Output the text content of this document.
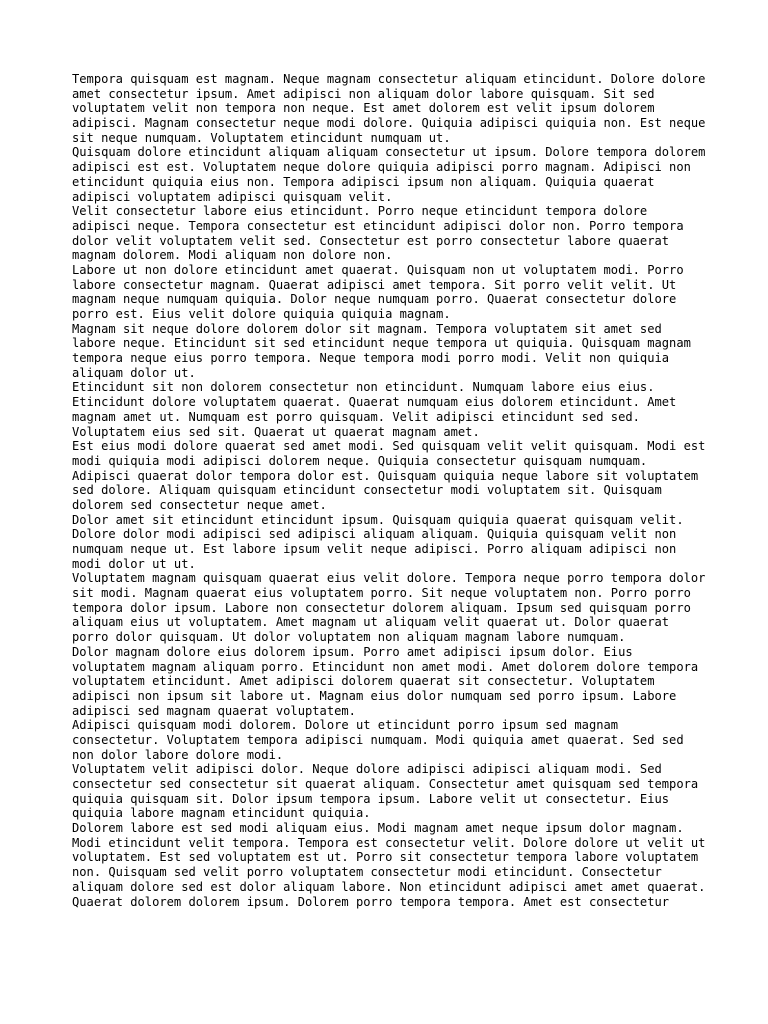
Tempora quisquam est magnam. Neque magnam consectetur aliquam etincidunt. Dolore dolore amet consectetur ipsum. Amet adipisci non aliquam dolor labore quisquam. Sit sed voluptatem velit non tempora non neque. Est amet dolorem est velit ipsum dolorem adipisci. Magnam consectetur neque modi dolore. Quiquia adipisci quiquia non. Est neque sit neque numquam. Voluptatem etincidunt numquam ut.

Quisquam dolore etincidunt aliquam aliquam consectetur ut ipsum. Dolore tempora dolorem adipisci est est. Voluptatem neque dolore quiquia adipisci porro magnam. Adipisci non etincidunt quiquia eius non. Tempora adipisci ipsum non aliquam. Quiquia quaerat adipisci voluptatem adipisci quisquam velit.

Velit consectetur labore eius etincidunt. Porro neque etincidunt tempora dolore adipisci neque. Tempora consectetur est etincidunt adipisci dolor non. Porro tempora dolor velit voluptatem velit sed. Consectetur est porro consectetur labore quaerat magnam dolorem. Modi aliquam non dolore non.

Labore ut non dolore etincidunt amet quaerat. Quisquam non ut voluptatem modi. Porro labore consectetur magnam. Quaerat adipisci amet tempora. Sit porro velit velit. Ut magnam neque numquam quiquia. Dolor neque numquam porro. Quaerat consectetur dolore porro est. Eius velit dolore quiquia quiquia magnam.

Magnam sit neque dolore dolorem dolor sit magnam. Tempora voluptatem sit amet sed labore neque. Etincidunt sit sed etincidunt neque tempora ut quiquia. Quisquam magnam tempora neque eius porro tempora. Neque tempora modi porro modi. Velit non quiquia aliquam dolor ut.

Etincidunt sit non dolorem consectetur non etincidunt. Numquam labore eius eius. Etincidunt dolore voluptatem quaerat. Quaerat numquam eius dolorem etincidunt. Amet magnam amet ut. Numquam est porro quisquam. Velit adipisci etincidunt sed sed. Voluptatem eius sed sit. Quaerat ut quaerat magnam amet.

Est eius modi dolore quaerat sed amet modi. Sed quisquam velit velit quisquam. Modi est modi quiquia modi adipisci dolorem neque. Quiquia consectetur quisquam numquam. Adipisci quaerat dolor tempora dolor est. Quisquam quiquia neque labore sit voluptatem sed dolore. Aliquam quisquam etincidunt consectetur modi voluptatem sit. Quisquam dolorem sed consectetur neque amet.

Dolor amet sit etincidunt etincidunt ipsum. Quisquam quiquia quaerat quisquam velit. Dolore dolor modi adipisci sed adipisci aliquam aliquam. Quiquia quisquam velit non numquam neque ut. Est labore ipsum velit neque adipisci. Porro aliquam adipisci non modi dolor ut ut.

Voluptatem magnam quisquam quaerat eius velit dolore. Tempora neque porro tempora dolor sit modi. Magnam quaerat eius voluptatem porro. Sit neque voluptatem non. Porro porro tempora dolor ipsum. Labore non consectetur dolorem aliquam. Ipsum sed quisquam porro aliquam eius ut voluptatem. Amet magnam ut aliquam velit quaerat ut. Dolor quaerat porro dolor quisquam. Ut dolor voluptatem non aliquam magnam labore numquam.

Dolor magnam dolore eius dolorem ipsum. Porro amet adipisci ipsum dolor. Eius voluptatem magnam aliquam porro. Etincidunt non amet modi. Amet dolorem dolore tempora voluptatem etincidunt. Amet adipisci dolorem quaerat sit consectetur. Voluptatem adipisci non ipsum sit labore ut. Magnam eius dolor numquam sed porro ipsum. Labore adipisci sed magnam quaerat voluptatem.

Adipisci quisquam modi dolorem. Dolore ut etincidunt porro ipsum sed magnam consectetur. Voluptatem tempora adipisci numquam. Modi quiquia amet quaerat. Sed sed non dolor labore dolore modi.

Voluptatem velit adipisci dolor. Neque dolore adipisci adipisci aliquam modi. Sed consectetur sed consectetur sit quaerat aliquam. Consectetur amet quisquam sed tempora quiquia quisquam sit. Dolor ipsum tempora ipsum. Labore velit ut consectetur. Eius quiquia labore magnam etincidunt quiquia.

Dolorem labore est sed modi aliquam eius. Modi magnam amet neque ipsum dolor magnam. Modi etincidunt velit tempora. Tempora est consectetur velit. Dolore dolore ut velit ut voluptatem. Est sed voluptatem est ut. Porro sit consectetur tempora labore voluptatem non. Quisquam sed velit porro voluptatem consectetur modi etincidunt. Consectetur aliquam dolore sed est dolor aliquam labore. Non etincidunt adipisci amet amet quaerat.

Quaerat dolorem dolorem ipsum. Dolorem porro tempora tempora. Amet est consectetur
